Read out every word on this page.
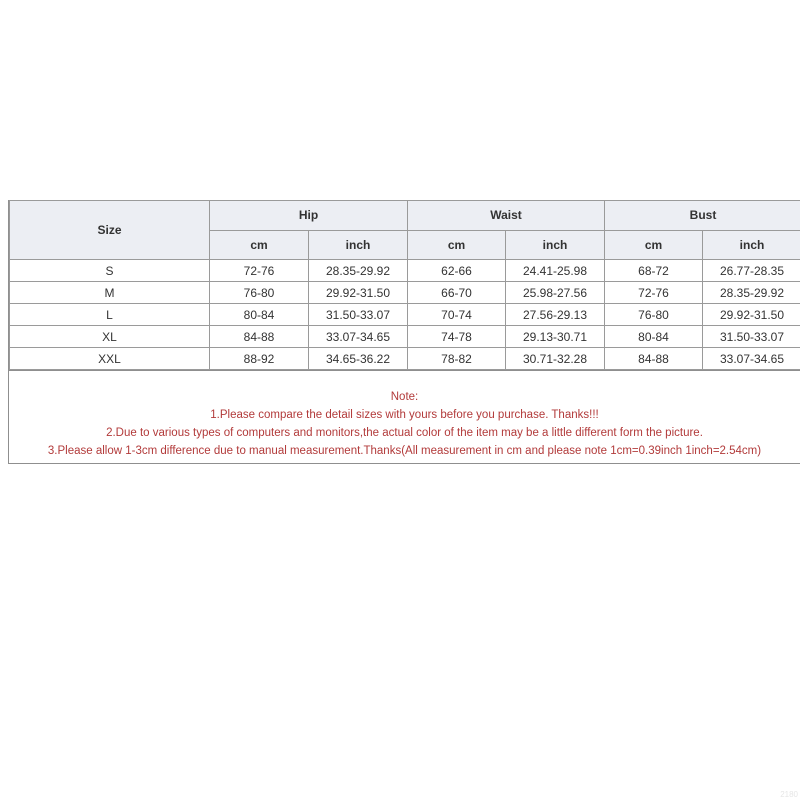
Size	Hip		Waist		Bust	
	cm	inch	cm	inch	cm	inch
S	72-76	28.35-29.92	62-66	24.41-25.98	68-72	26.77-28.35
M	76-80	29.92-31.50	66-70	25.98-27.56	72-76	28.35-29.92
L	80-84	31.50-33.07	70-74	27.56-29.13	76-80	29.92-31.50
XL	84-88	33.07-34.65	74-78	29.13-30.71	80-84	31.50-33.07
XXL	88-92	34.65-36.22	78-82	30.71-32.28	84-88	33.07-34.65
Note:
1.Please compare the detail sizes with yours before you purchase. Thanks!!!
2.Due to various types of computers and monitors,the actual color of the item may be a little different form the picture.
3.Please allow 1-3cm difference due to manual measurement.Thanks(All measurement in cm and please note 1cm=0.39inch 1inch=2.54cm)
2180
